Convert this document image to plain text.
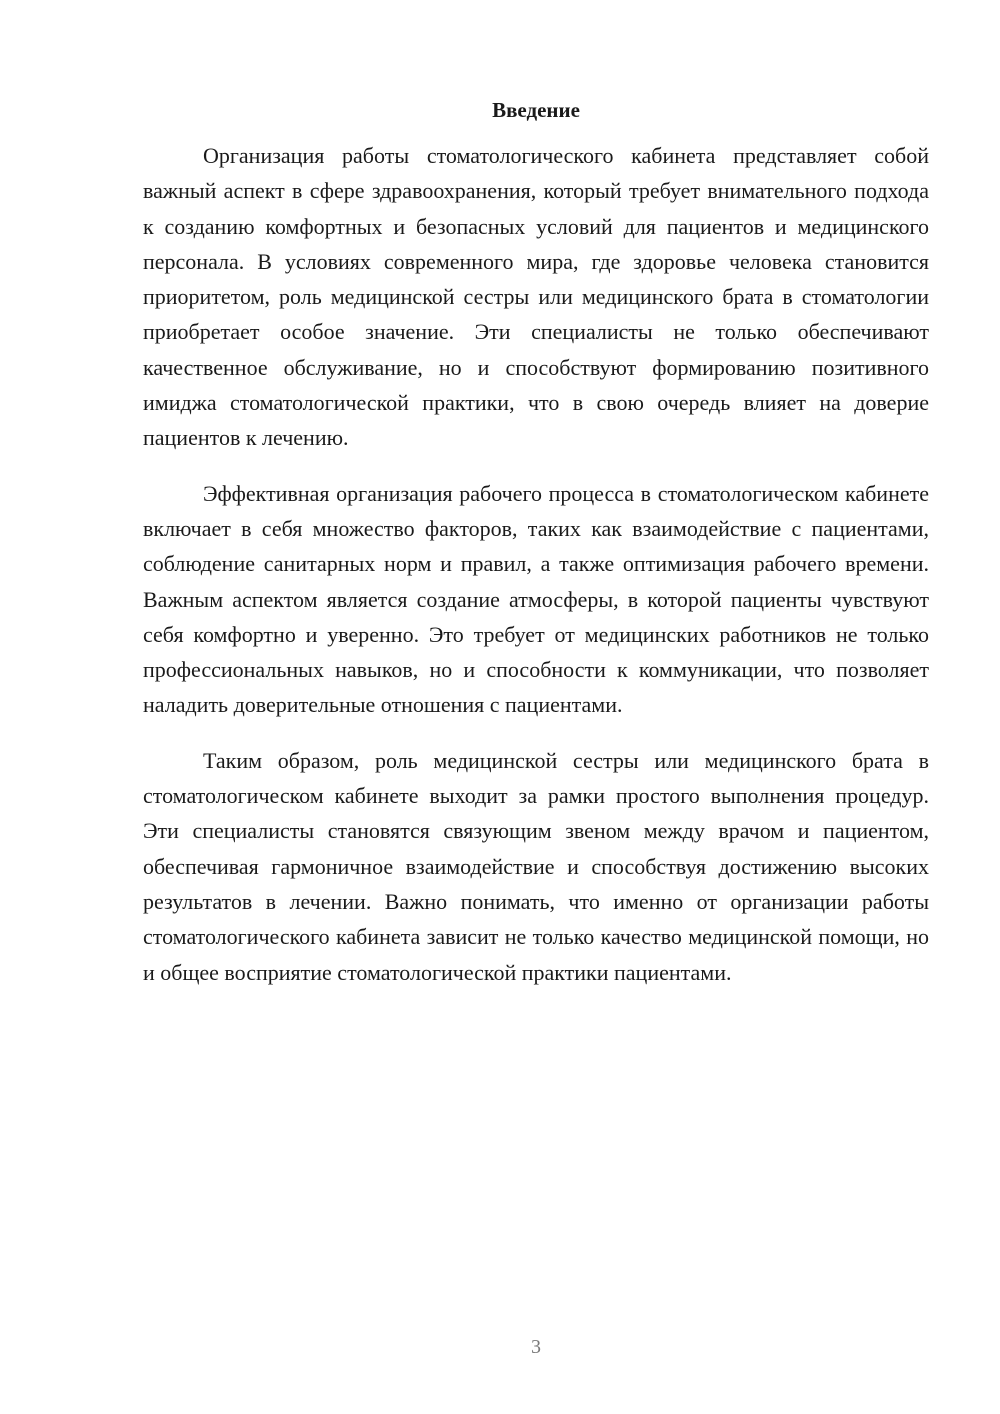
Введение

Организация работы стоматологического кабинета представляет собой важный аспект в сфере здравоохранения, который требует внимательного подхода к созданию комфортных и безопасных условий для пациентов и медицинского персонала. В условиях современного мира, где здоровье человека становится приоритетом, роль медицинской сестры или медицинского брата в стоматологии приобретает особое значение. Эти специалисты не только обеспечивают качественное обслуживание, но и способствуют формированию позитивного имиджа стоматологической практики, что в свою очередь влияет на доверие пациентов к лечению.

Эффективная организация рабочего процесса в стоматологическом кабинете включает в себя множество факторов, таких как взаимодействие с пациентами, соблюдение санитарных норм и правил, а также оптимизация рабочего времени. Важным аспектом является создание атмосферы, в которой пациенты чувствуют себя комфортно и уверенно. Это требует от медицинских работников не только профессиональных навыков, но и способности к коммуникации, что позволяет наладить доверительные отношения с пациентами.

Таким образом, роль медицинской сестры или медицинского брата в стоматологическом кабинете выходит за рамки простого выполнения процедур. Эти специалисты становятся связующим звеном между врачом и пациентом, обеспечивая гармоничное взаимодействие и способствуя достижению высоких результатов в лечении. Важно понимать, что именно от организации работы стоматологического кабинета зависит не только качество медицинской помощи, но и общее восприятие стоматологической практики пациентами.

3
